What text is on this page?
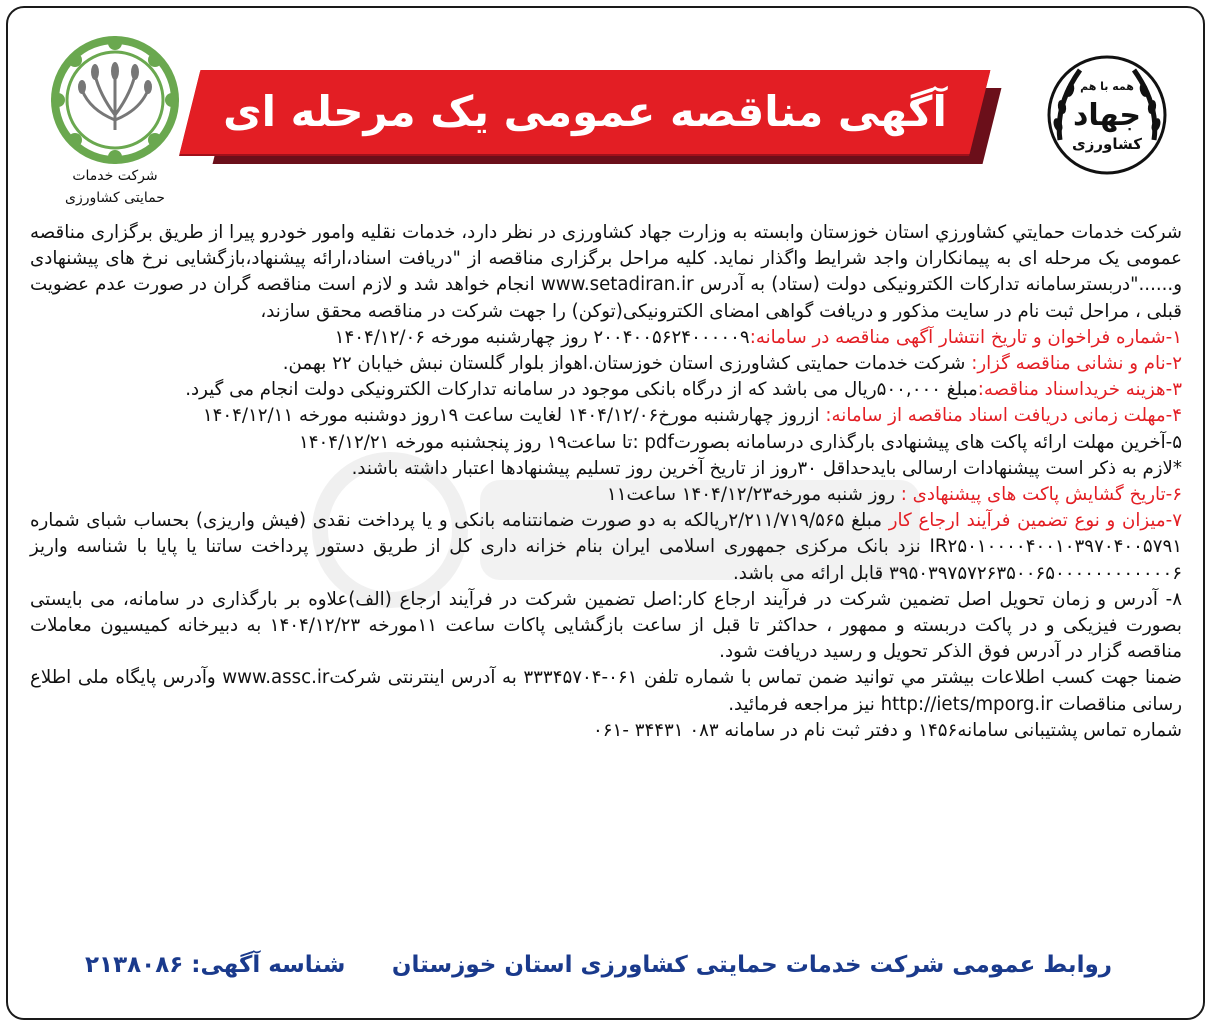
شرکت خدمات
حمایتی کشاورزی
آگهی مناقصه عمومی یک مرحله ای (نوبت اول)
همه با هم
جهاد
کشاورزی

شرکت خدمات حمایتي کشاورزي استان خوزستان وابسته به وزارت جهاد کشاورزی در نظر دارد، خدمات نقلیه وامور خودرو پیرا از طریق برگزاری مناقصه عمومی یک مرحله ای به پیمانکاران واجد شرایط واگذار نماید. کلیه مراحل برگزاری مناقصه از "دریافت اسناد،ارائه پیشنهاد،بازگشایی نرخ های پیشنهادی و......"دربسترسامانه تدارکات الکترونیکی دولت (ستاد) به آدرس www.setadiran.ir انجام خواهد شد و لازم است مناقصه گران در صورت عدم عضویت قبلی ، مراحل ثبت نام در سایت مذکور و دریافت گواهی امضای الکترونیکی(توکن) را جهت شرکت در مناقصه محقق سازند،

۱-شماره فراخوان و تاریخ انتشار آگهی مناقصه در سامانه:۲۰۰۴۰۰۵۶۲۴۰۰۰۰۰۹ روز چهارشنبه مورخه ۱۴۰۴/۱۲/۰۶

۲-نام و نشانی مناقصه گزار: شرکت خدمات حمایتی کشاورزی استان خوزستان.اهواز بلوار گلستان نبش خیابان ۲۲ بهمن.

۳-هزینه خریداسناد مناقصه:مبلغ ۵۰۰,۰۰۰ریال می باشد که از درگاه بانکی موجود در سامانه تدارکات الکترونیکی دولت انجام می گیرد.

۴-مهلت زمانی دریافت اسناد مناقصه از سامانه: ازروز چهارشنبه مورخ۱۴۰۴/۱۲/۰۶ لغایت ساعت ۱۹روز دوشنبه مورخه ۱۴۰۴/۱۲/۱۱

۵-آخرین مهلت ارائه پاکت های پیشنهادی بارگذاری درسامانه بصورتpdf :تا ساعت۱۹ روز پنجشنبه مورخه ۱۴۰۴/۱۲/۲۱

*لازم به ذکر است پیشنهادات ارسالی بایدحداقل ۳۰روز از تاریخ آخرین روز تسلیم پیشنهادها اعتبار داشته باشند.

۶-تاریخ گشایش پاکت های پیشنهادی : روز شنبه مورخه۱۴۰۴/۱۲/۲۳ ساعت۱۱

۷-میزان و نوع تضمین فرآیند ارجاع کار مبلغ ۲/۲۱۱/۷۱۹/۵۶۵ریالکه به دو صورت ضمانتنامه بانکی و یا پرداخت نقدی (فیش واریزی) بحساب شبای شماره IR۲۵۰۱۰۰۰۰۴۰۰۱۰۳۹۷۰۴۰۰۵۷۹۱ نزد بانک مرکزی جمهوری اسلامی ایران بنام خزانه داری کل از طریق دستور پرداخت ساتنا یا پایا با شناسه واریز ۳۹۵۰۳۹۷۵۷۲۶۳۵۰۰۶۵۰۰۰۰۰۰۰۰۰۰۰۰۶ قابل ارائه می باشد.

۸- آدرس و زمان تحویل اصل تضمین شرکت در فرآیند ارجاع کار:اصل تضمین شرکت در فرآیند ارجاع (الف)علاوه بر بارگذاری در سامانه، می بایستی بصورت فیزیکی و در پاکت دربسته و ممهور ، حداکثر تا قبل از ساعت بازگشایی پاکات ساعت ۱۱مورخه ۱۴۰۴/۱۲/۲۳ به دبیرخانه کمیسیون معاملات مناقصه گزار در آدرس فوق الذکر تحویل و رسید دریافت شود.

ضمنا جهت کسب اطلاعات بیشتر مي توانید ضمن تماس با شماره تلفن ۰۶۱-۳۳۳۴۵۷۰۴ به آدرس اینترنتی شرکتwww.assc.ir وآدرس پایگاه ملی اطلاع رسانی مناقصات http://iets/mporg.ir نیز مراجعه فرمائید.

شماره تماس پشتیبانی سامانه۱۴۵۶ و دفتر ثبت نام در سامانه ۰۸۳ ۳۴۴۳۱ -۰۶۱

روابط عمومی شرکت خدمات حمایتی کشاورزی استان خوزستان
شناسه آگهی: ۲۱۳۸۰۸۶
